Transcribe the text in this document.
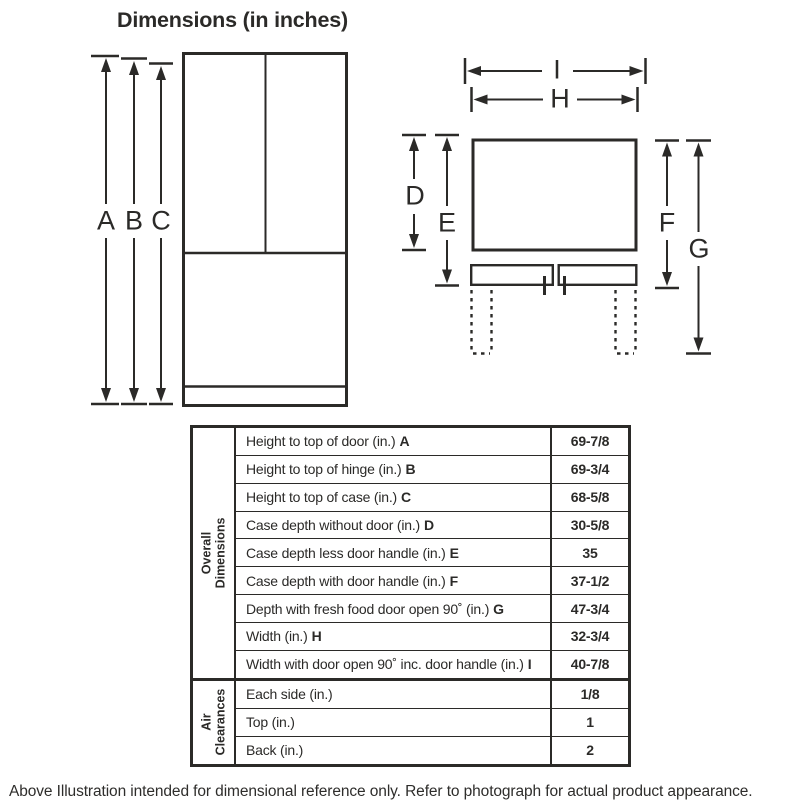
Dimensions (in inches)
A B C
D
E	F
G
H
I
Overall Dimensions
Height to top of door (in.) A	69-7/8
Height to top of hinge (in.) B	69-3/4
Height to top of case (in.) C	68-5/8
Case depth without door (in.) D	30-5/8
Case depth less door handle (in.) E	35
Case depth with door handle (in.) F	37-1/2
Depth with fresh food door open 90˚ (in.) G	47-3/4
Width (in.) H	32-3/4
Width with door open 90˚ inc. door handle (in.) I	40-7/8
Air Clearances Each side (in.)	1/8
Top (in.)	1
Back (in.)	2
Above Illustration intended for dimensional reference only. Refer to photograph for actual product appearance.
